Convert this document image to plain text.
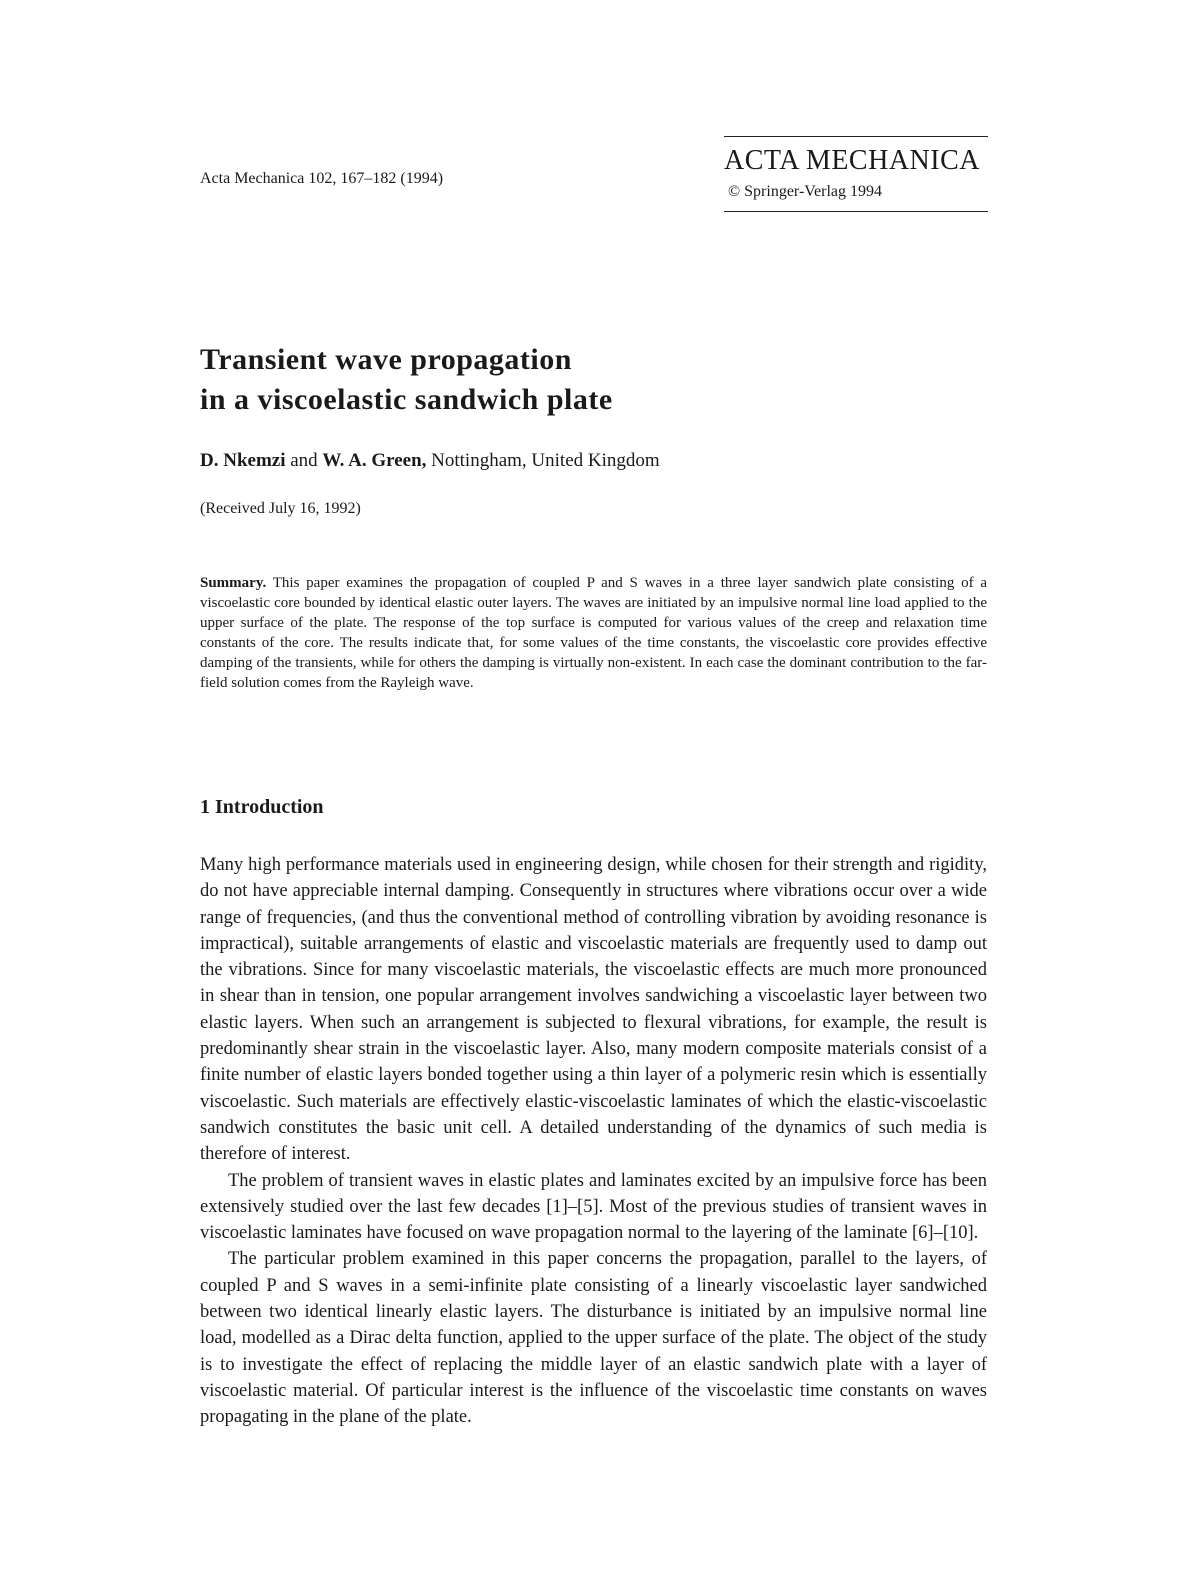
Acta Mechanica 102, 167–182 (1994)
ACTA MECHANICA
© Springer-Verlag 1994
Transient wave propagation
in a viscoelastic sandwich plate
D. Nkemzi and W. A. Green, Nottingham, United Kingdom
(Received July 16, 1992)

Summary. This paper examines the propagation of coupled P and S waves in a three layer sandwich plate consisting of a viscoelastic core bounded by identical elastic outer layers. The waves are initiated by an impulsive normal line load applied to the upper surface of the plate. The response of the top surface is computed for various values of the creep and relaxation time constants of the core. The results indicate that, for some values of the time constants, the viscoelastic core provides effective damping of the transients, while for others the damping is virtually non-existent. In each case the dominant contribution to the far-field solution comes from the Rayleigh wave.

1 Introduction

Many high performance materials used in engineering design, while chosen for their strength and rigidity, do not have appreciable internal damping. Consequently in structures where vibrations occur over a wide range of frequencies, (and thus the conventional method of controlling vibration by avoiding resonance is impractical), suitable arrangements of elastic and viscoelastic materials are frequently used to damp out the vibrations. Since for many viscoelastic materials, the viscoelastic effects are much more pronounced in shear than in tension, one popular arrangement involves sandwiching a viscoelastic layer between two elastic layers. When such an arrangement is subjected to flexural vibrations, for example, the result is predominantly shear strain in the viscoelastic layer. Also, many modern composite materials consist of a finite number of elastic layers bonded together using a thin layer of a polymeric resin which is essentially viscoelastic. Such materials are effectively elastic-viscoelastic laminates of which the elastic-viscoelastic sandwich constitutes the basic unit cell. A detailed understanding of the dynamics of such media is therefore of interest.

The problem of transient waves in elastic plates and laminates excited by an impulsive force has been extensively studied over the last few decades [1]–[5]. Most of the previous studies of transient waves in viscoelastic laminates have focused on wave propagation normal to the layering of the laminate [6]–[10].

The particular problem examined in this paper concerns the propagation, parallel to the layers, of coupled P and S waves in a semi-infinite plate consisting of a linearly viscoelastic layer sandwiched between two identical linearly elastic layers. The disturbance is initiated by an impulsive normal line load, modelled as a Dirac delta function, applied to the upper surface of the plate. The object of the study is to investigate the effect of replacing the middle layer of an elastic sandwich plate with a layer of viscoelastic material. Of particular interest is the influence of the viscoelastic time constants on waves propagating in the plane of the plate.
